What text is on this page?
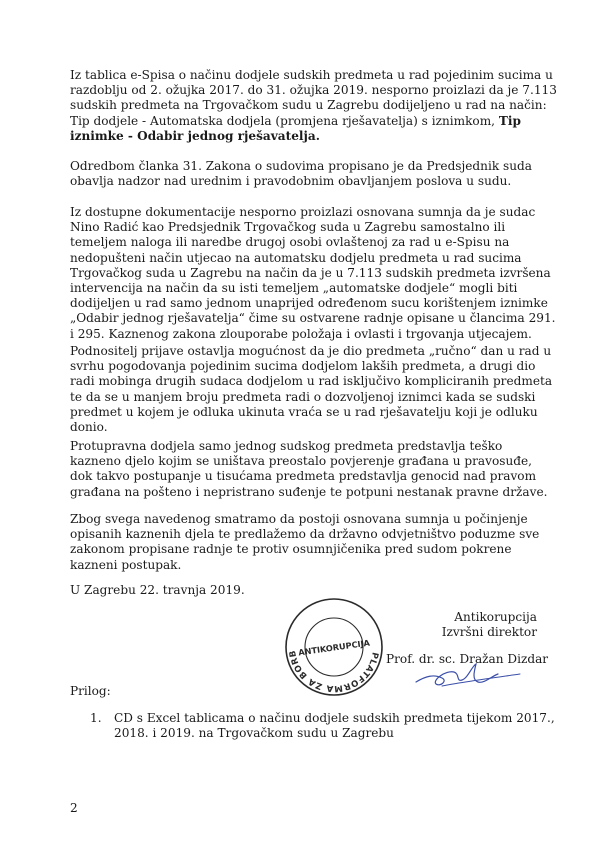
Iz tablica e-Spisa o načinu dodjele sudskih predmeta u rad pojedinim sucima u
razdoblju od 2. ožujka 2017. do 31. ožujka 2019. nesporno proizlazi da je 7.113
sudskih predmeta na Trgovačkom sudu u Zagrebu dodijeljeno u rad na način:
Tip dodjele - Automatska dodjela (promjena rješavatelja) s iznimkom, Tip
iznimke - Odabir jednog rješavatelja.
Odredbom članka 31. Zakona o sudovima propisano je da Predsjednik suda
obavlja nadzor nad urednim i pravodobnim obavljanjem poslova u sudu.
Iz dostupne dokumentacije nesporno proizlazi osnovana sumnja da je sudac
Nino Radić kao Predsjednik Trgovačkog suda u Zagrebu samostalno ili
temeljem naloga ili naredbe drugoj osobi ovlaštenoj za rad u e-Spisu na
nedopušteni način utjecao na automatsku dodjelu predmeta u rad sucima
Trgovačkog suda u Zagrebu na način da je u 7.113 sudskih predmeta izvršena
intervencija na način da su isti temeljem „automatske dodjele“ mogli biti
dodijeljen u rad samo jednom unaprijed određenom sucu korištenjem iznimke
„Odabir jednog rješavatelja“ čime su ostvarene radnje opisane u člancima 291.
i 295. Kaznenog zakona zlouporabe položaja i ovlasti i trgovanja utjecajem.
Podnositelj prijave ostavlja mogućnost da je dio predmeta „ručno“ dan u rad u
svrhu pogodovanja pojedinim sucima dodjelom lakših predmeta, a drugi dio
radi mobinga drugih sudaca dodjelom u rad isključivo kompliciranih predmeta
te da se u manjem broju predmeta radi o dozvoljenoj iznimci kada se sudski
predmet u kojem je odluka ukinuta vraća se u rad rješavatelju koji je odluku
donio.
Protupravna dodjela samo jednog sudskog predmeta predstavlja teško
kazneno djelo kojim se uništava preostalo povjerenje građana u pravosuđe,
dok takvo postupanje u tisućama predmeta predstavlja genocid nad pravom
građana na pošteno i nepristrano suđenje te potpuni nestanak pravne države.
Zbog svega navedenog smatramo da postoji osnovana sumnja u počinjenje
opisanih kaznenih djela te predlažemo da državno odvjetništvo poduzme sve
zakonom propisane radnje te protiv osumnjičenika pred sudom pokrene
kazneni postupak.
U Zagrebu 22. travnja 2019.
PLATFORMA ZA BORB
ANTIKORUPCIJA
Antikorupcija
Izvršni direktor
Prof. dr. sc. Dražan Dizdar
Prilog:
1. CD s Excel tablicama o načinu dodjele sudskih predmeta tijekom 2017.,
2018. i 2019. na Trgovačkom sudu u Zagrebu
2
